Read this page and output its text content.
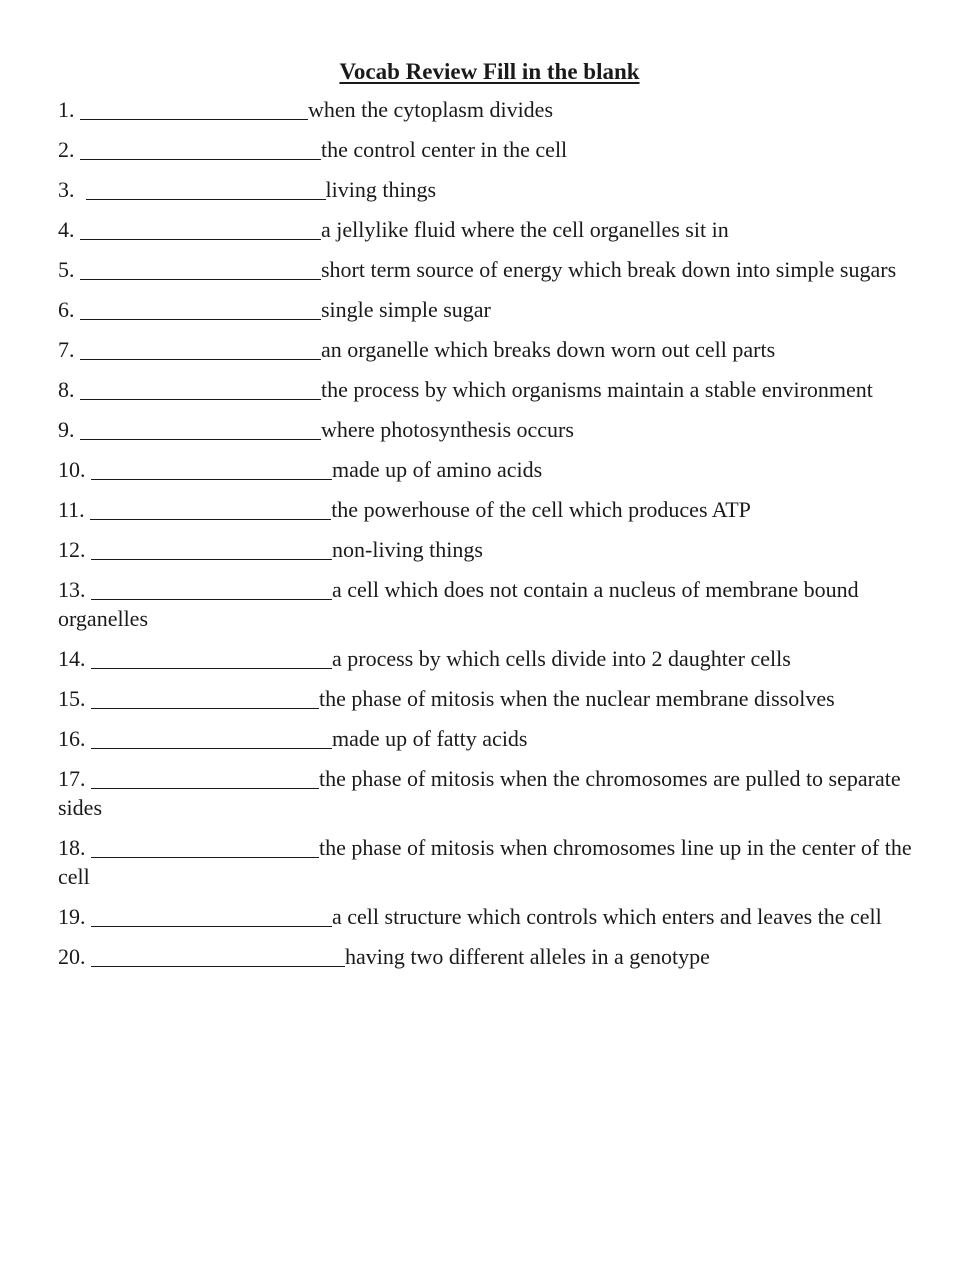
Vocab Review Fill in the blank

1.	when the cytoplasm divides

2.	the control center in the cell

3.	living things

4.	a jellylike fluid where the cell organelles sit in

5.	short term source of energy which break down into simple sugars

6.	single simple sugar

7.	an organelle which breaks down worn out cell parts

8.	the process by which organisms maintain a stable environment

9.	where photosynthesis occurs

10.	made up of amino acids

11.	the powerhouse of the cell which produces ATP

12.	non-living things

13.	a cell which does not contain a nucleus of membrane bound organelles

14.	a process by which cells divide into 2 daughter cells

15.	the phase of mitosis when the nuclear membrane dissolves

16.	made up of fatty acids

17.	the phase of mitosis when the chromosomes are pulled to separate sides

18.	the phase of mitosis when chromosomes line up in the center of the cell

19.	a cell structure which controls which enters and leaves the cell

20.	having two different alleles in a genotype
